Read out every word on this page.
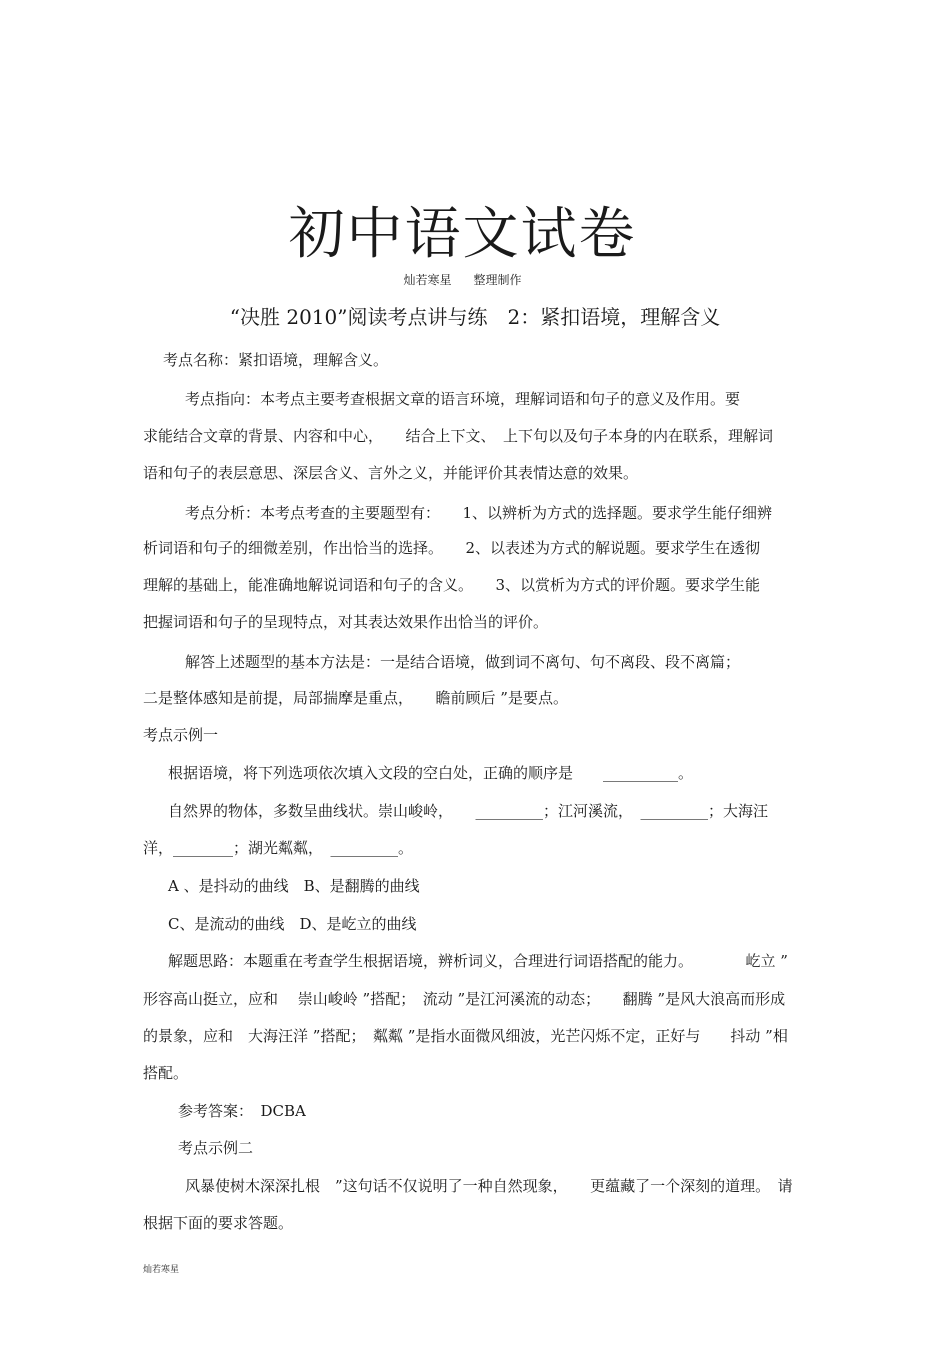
初中语文试卷
灿若寒星 整理制作
“决胜 2010”阅读考点讲与练　2：紧扣语境，理解含义
考点名称：紧扣语境，理解含义。
考点指向：本考点主要考查根据文章的语言环境，理解词语和句子的意义及作用。要
求能结合文章的背景、内容和中心，　　结合上下文、　上下句以及句子本身的内在联系，理解词
语和句子的表层意思、深层含义、言外之义，并能评价其表情达意的效果。
考点分析：本考点考查的主要题型有：　　1、以辨析为方式的选择题。要求学生能仔细辨
析词语和句子的细微差别，作出恰当的选择。　　2、以表述为方式的解说题。要求学生在透彻
理解的基础上，能准确地解说词语和句子的含义。　　3、以赏析为方式的评价题。要求学生能
把握词语和句子的呈现特点，对其表达效果作出恰当的评价。
解答上述题型的基本方法是：一是结合语境，做到词不离句、句不离段、段不离篇；
二是整体感知是前提，局部揣摩是重点，　　瞻前顾后 ”是要点。
考点示例一
根据语境，将下列选项依次填入文段的空白处，正确的顺序是　　__________。
自然界的物体，多数呈曲线状。崇山峻岭，　　_________；江河溪流，　_________；大海汪
洋，________；湖光粼粼，　_________。
A 、是抖动的曲线　B、是翻腾的曲线
C、是流动的曲线　D、是屹立的曲线
解题思路：本题重在考查学生根据语境，辨析词义，合理进行词语搭配的能力。　　　　屹立 ”
形容高山挺立，应和　 崇山峻岭 ”搭配；　流动 ”是江河溪流的动态；　　翻腾 ”是风大浪高而形成
的景象，应和　大海汪洋 ”搭配；　粼粼 ”是指水面微风细波，光芒闪烁不定，正好与　　抖动 ”相
搭配。
参考答案：　DCBA
考点示例二
风暴使树木深深扎根　”这句话不仅说明了一种自然现象，　　更蕴藏了一个深刻的道理。　请
根据下面的要求答题。
灿若寒星
